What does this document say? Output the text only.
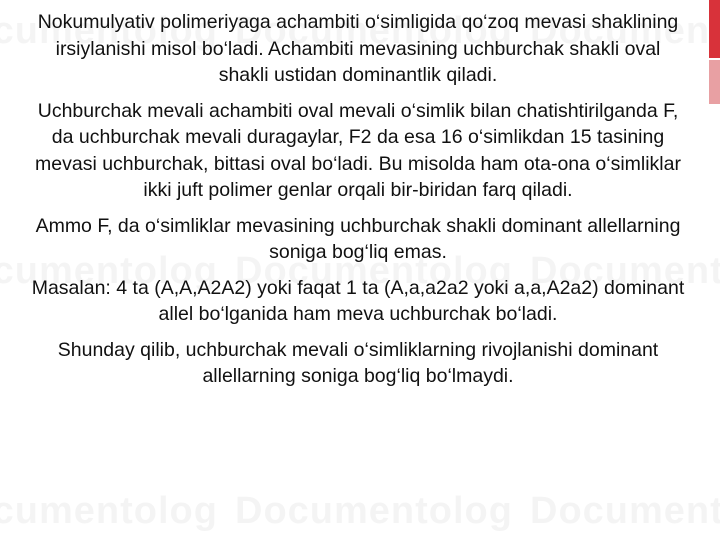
Nokumulyativ polimeriyaga achambiti o‘simligida qo‘zoq mevasi shaklining irsiylanishi misol bo‘ladi. Achambiti mevasining uchburchak shakli oval shakli ustidan dominantlik qiladi.

Uchburchak mevali achambiti oval mevali o‘simlik bilan chatishtirilganda F, da uchburchak mevali duragaylar, F2 da esa 16 o‘simlikdan 15 tasining mevasi uchburchak, bittasi oval bo‘ladi. Bu misolda ham ota-ona o‘simliklar ikki juft polimer genlar orqali bir-biridan farq qiladi.

Ammo F, da o‘simliklar mevasining uchburchak shakli dominant allellarning soniga bog‘liq emas.

Masalan: 4 ta (A,A,A2A2) yoki faqat 1 ta (A,a,a2a2 yoki a,a,A2a2) dominant allel bo‘lganida ham meva uchburchak bo‘ladi.

Shunday qilib, uchburchak mevali o‘simliklarning rivojlanishi dominant allellarning soniga bog‘liq bo‘lmaydi.
